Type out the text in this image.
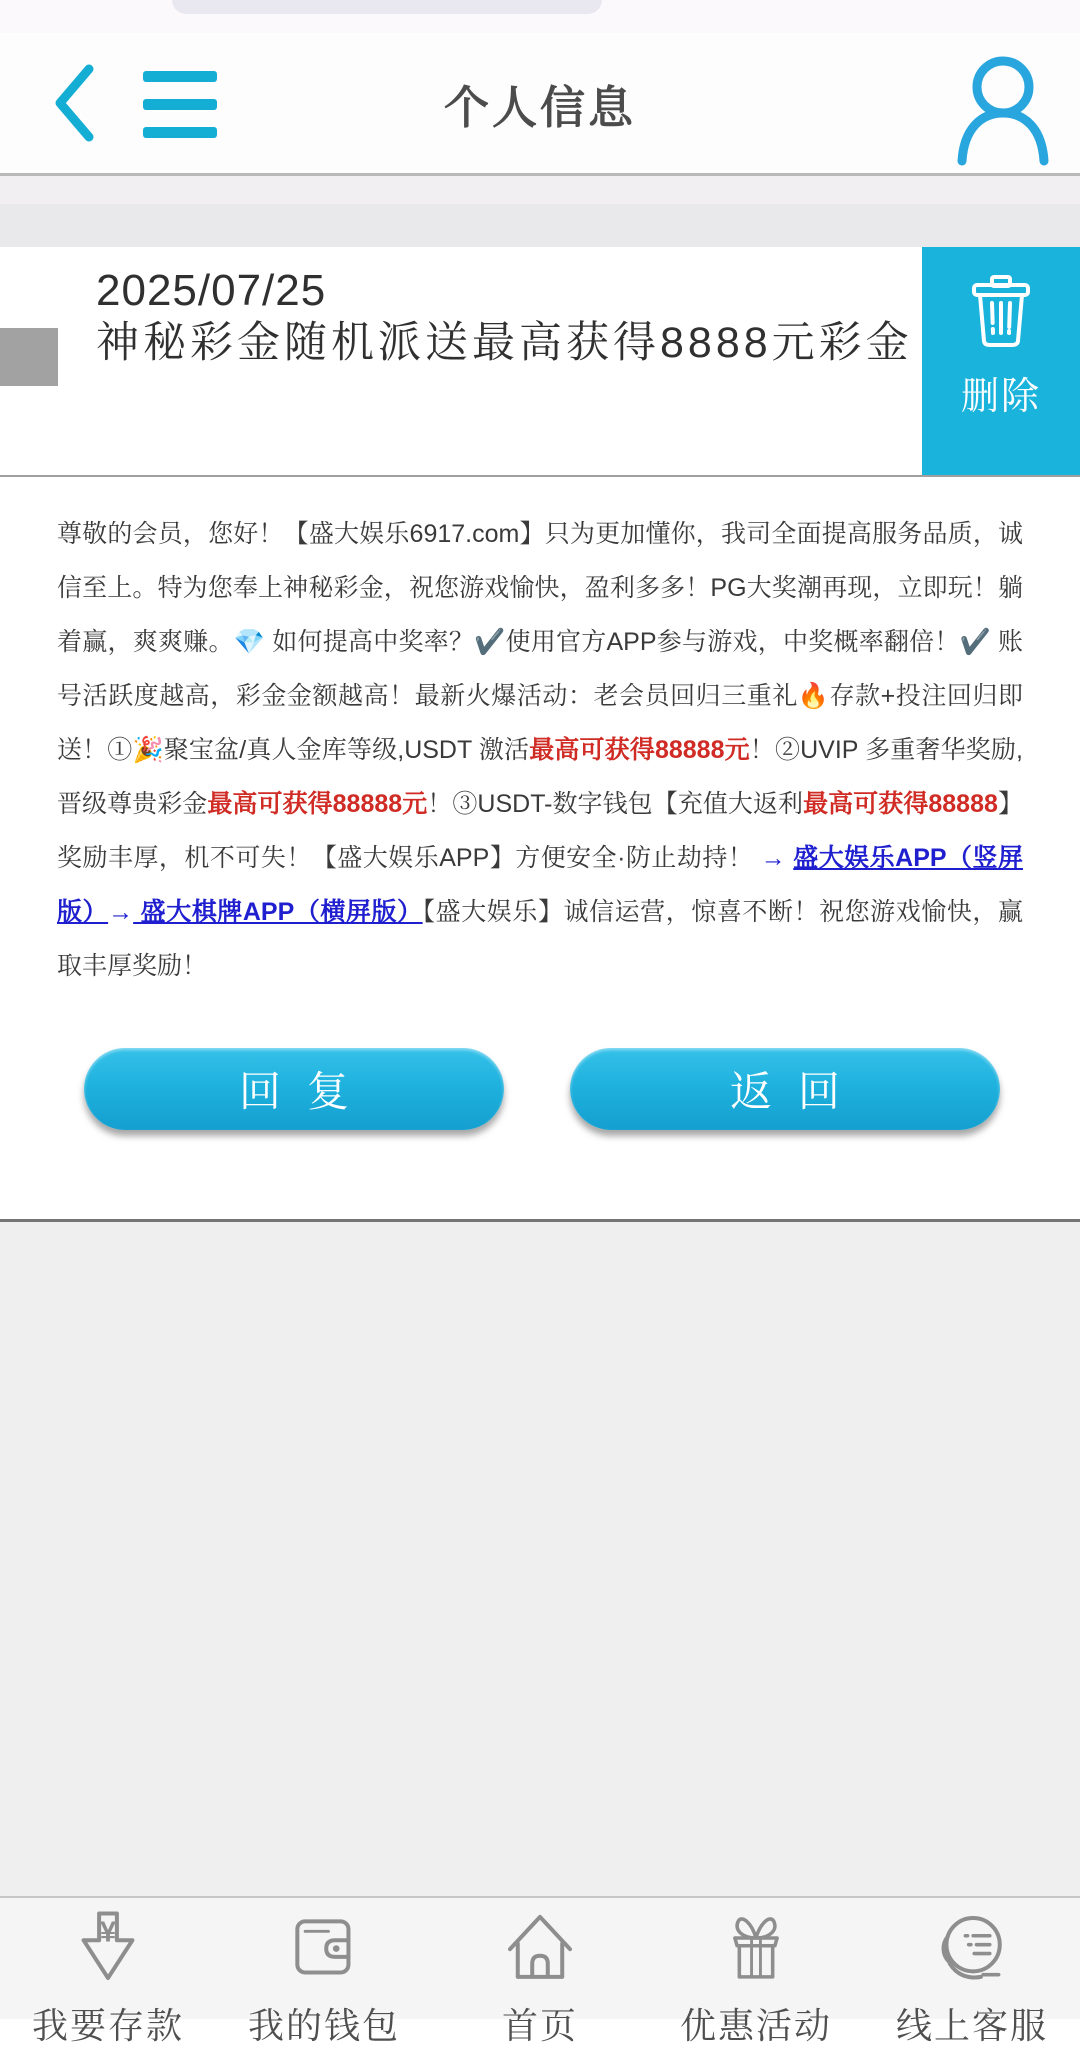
个人信息
2025/07/25
神秘彩金随机派送最高获得8888元彩金
删除

尊敬的会员，您好！【盛大娱乐6917.com】只为更加懂你，我司全面提高服务品质，诚信至上。特为您奉上神秘彩金，祝您游戏愉快，盈利多多！PG大奖潮再现，立即玩！躺着赢，爽爽赚。💎 如何提高中奖率？✔️使用官方APP参与游戏，中奖概率翻倍！✔️ 账号活跃度越高，彩金金额越高！最新火爆活动：老会员回归三重礼🔥存款+投注回归即送！①🎉聚宝盆/真人金库等级,USDT 激活最高可获得88888元！②UVIP 多重奢华奖励,晋级尊贵彩金最高可获得88888元！③USDT-数字钱包【充值大返利最高可获得88888】奖励丰厚，机不可失！【盛大娱乐APP】方便安全·防止劫持！ → 盛大娱乐APP（竖屏版）→ 盛大棋牌APP（横屏版）【盛大娱乐】诚信运营，惊喜不断！祝您游戏愉快，赢取丰厚奖励！

回复	返回
¥
我要存款	我的钱包	首页	优惠活动	线上客服
